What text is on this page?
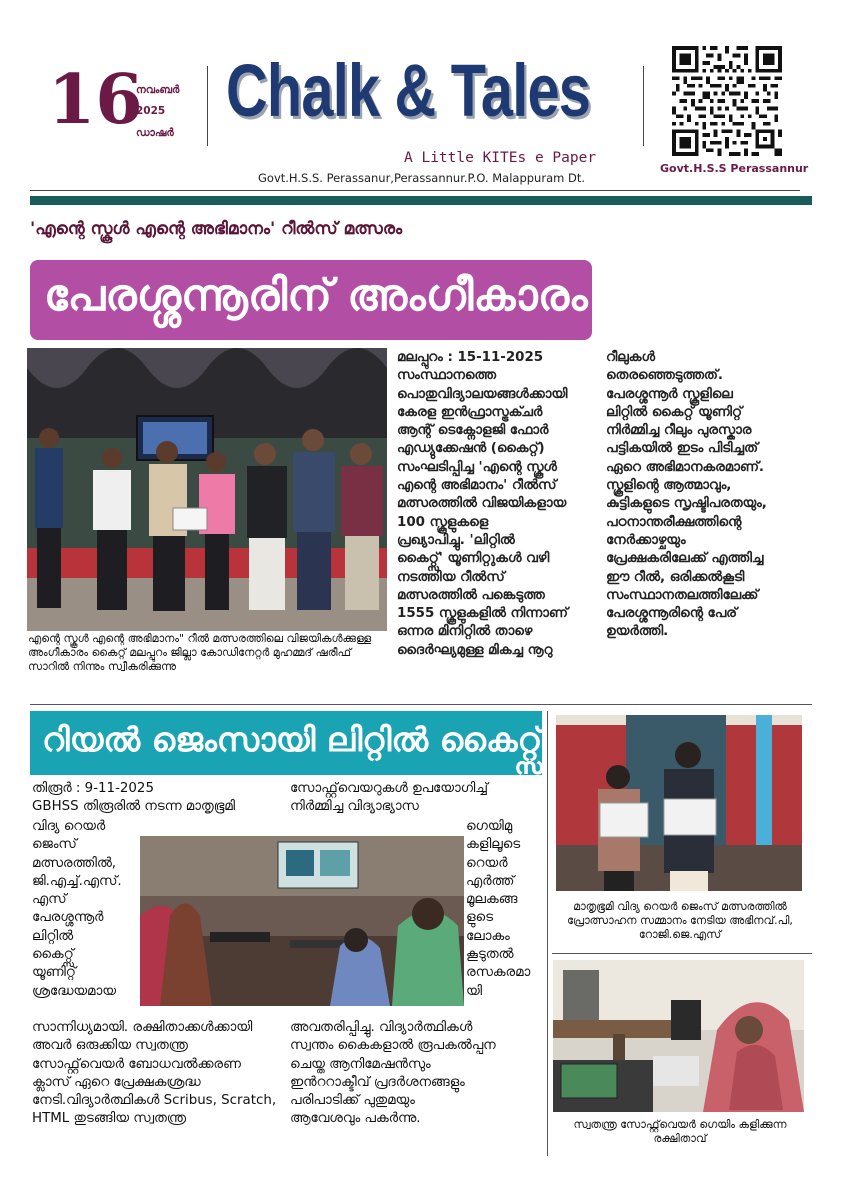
16
നവംബർ
2025
ഡാഷർ
Chalk & Tales
A Little KITEs e Paper
Govt.H.S.S. Perassanur,Perassannur.P.O. Malappuram Dt.
Govt.H.S.S Perassannur
'എന്റെ സ്കൂൾ എന്റെ അഭിമാനം' റീൽസ് മത്സരം
പേരശ്ശന്നൂരിന് അംഗീകാരം
എന്റെ സ്കൂൾ എന്റെ അഭിമാനം" റീൽ മത്സരത്തിലെ വിജയികൾക്കുള്ള അംഗീകാരം കൈറ്റ് മലപ്പുറം ജില്ലാ കോഡിനേറ്റർ മുഹമ്മദ് ഷരീഫ് സാറിൽ നിന്നും സ്വീകരിക്കുന്നു
മലപ്പുറം : 15-11-2025
സംസ്ഥാനത്തെ
പൊതുവിദ്യാലയങ്ങൾക്കായി
കേരള ഇൻഫ്രാസ്ട്രക്ചർ
ആന്റ് ടെക്നോളജി ഫോർ
എഡ്യുക്കേഷൻ (കൈറ്റ്)
സംഘടിപ്പിച്ച 'എന്റെ സ്കൂൾ
എന്റെ അഭിമാനം' റീൽസ്
മത്സരത്തിൽ വിജയികളായ
100 സ്കൂളുകളെ
പ്രഖ്യാപിച്ചു. 'ലിറ്റിൽ
കൈറ്റ്സ്' യൂണിറ്റുകൾ വഴി
നടത്തിയ റീൽസ്
മത്സരത്തിൽ പങ്കെടുത്ത
1555 സ്കൂളുകളിൽ നിന്നാണ്
ഒന്നര മിനിറ്റിൽ താഴെ
ദൈർഘ്യമുള്ള മികച്ച നൂറു
റീലുകൾ
തെരഞ്ഞെടുത്തത്.
പേരശ്ശന്നൂർ സ്കൂളിലെ
ലിറ്റിൽ കൈറ്റ് യൂണിറ്റ്
നിർമ്മിച്ച റീലും പുരസ്കാര
പട്ടികയിൽ ഇടം പിടിച്ചത്
ഏറെ അഭിമാനകരമാണ്.
സ്കൂളിന്റെ ആത്മാവും,
കുട്ടികളുടെ സൃഷ്ടിപരതയും,
പഠനാന്തരീക്ഷത്തിന്റെ
നേർക്കാഴ്ചയും
പ്രേക്ഷകരിലേക്ക് എത്തിച്ച
ഈ റീൽ, ഒരിക്കൽകൂടി
സംസ്ഥാനതലത്തിലേക്ക്
പേരശ്ശന്നൂരിന്റെ പേര്
ഉയർത്തി.
റിയൽ ജെംസായി ലിറ്റിൽ കൈറ്റ്സ്
തിരൂർ : 9-11-2025
GBHSS തിരൂരിൽ നടന്ന മാതൃഭൂമി
വിദ്യ റെയർ
ജെംസ്
മത്സരത്തിൽ,
ജി.എച്ച്.എസ്.
എസ്
പേരശ്ശന്നൂർ
ലിറ്റിൽ
കൈറ്റ്സ്
യൂണിറ്റ്
ശ്രദ്ധേയമായ
സാന്നിധ്യമായി. രക്ഷിതാക്കൾക്കായി
അവർ ഒരുക്കിയ സ്വതന്ത്ര
സോഫ്റ്റ്‌വെയർ ബോധവൽക്കരണ
ക്ലാസ് ഏറെ പ്രേക്ഷകശ്രദ്ധ
നേടി.വിദ്യാർത്ഥികൾ Scribus, Scratch,
HTML തുടങ്ങിയ സ്വതന്ത്ര
സോഫ്റ്റ്‌വെയറുകൾ ഉപയോഗിച്ച്
നിർമ്മിച്ച വിദ്യാഭ്യാസ
ഗെയിമു
കളിലൂടെ
റെയർ
എർത്ത്
മൂലകങ്ങ
ളുടെ
ലോകം
കൂടുതൽ
രസകരമാ
യി
അവതരിപ്പിച്ചു. വിദ്യാർത്ഥികൾ
സ്വന്തം കൈകളാൽ രൂപകൽപ്പന
ചെയ്ത ആനിമേഷൻസും
ഇൻററാക്ടീവ് പ്രദർശനങ്ങളും
പരിപാടിക്ക് പുതുമയും
ആവേശവും പകർന്നു.
മാതൃഭൂമി വിദ്യ റെയർ ജെംസ് മത്സരത്തിൽ പ്രോത്സാഹന സമ്മാനം നേടിയ അഭിനവ്.പി, റോജി.ജെ.എസ്
സ്വതന്ത്ര സോഫ്റ്റ്‌വെയർ ഗെയിം കളിക്കുന്ന രക്ഷിതാവ്
